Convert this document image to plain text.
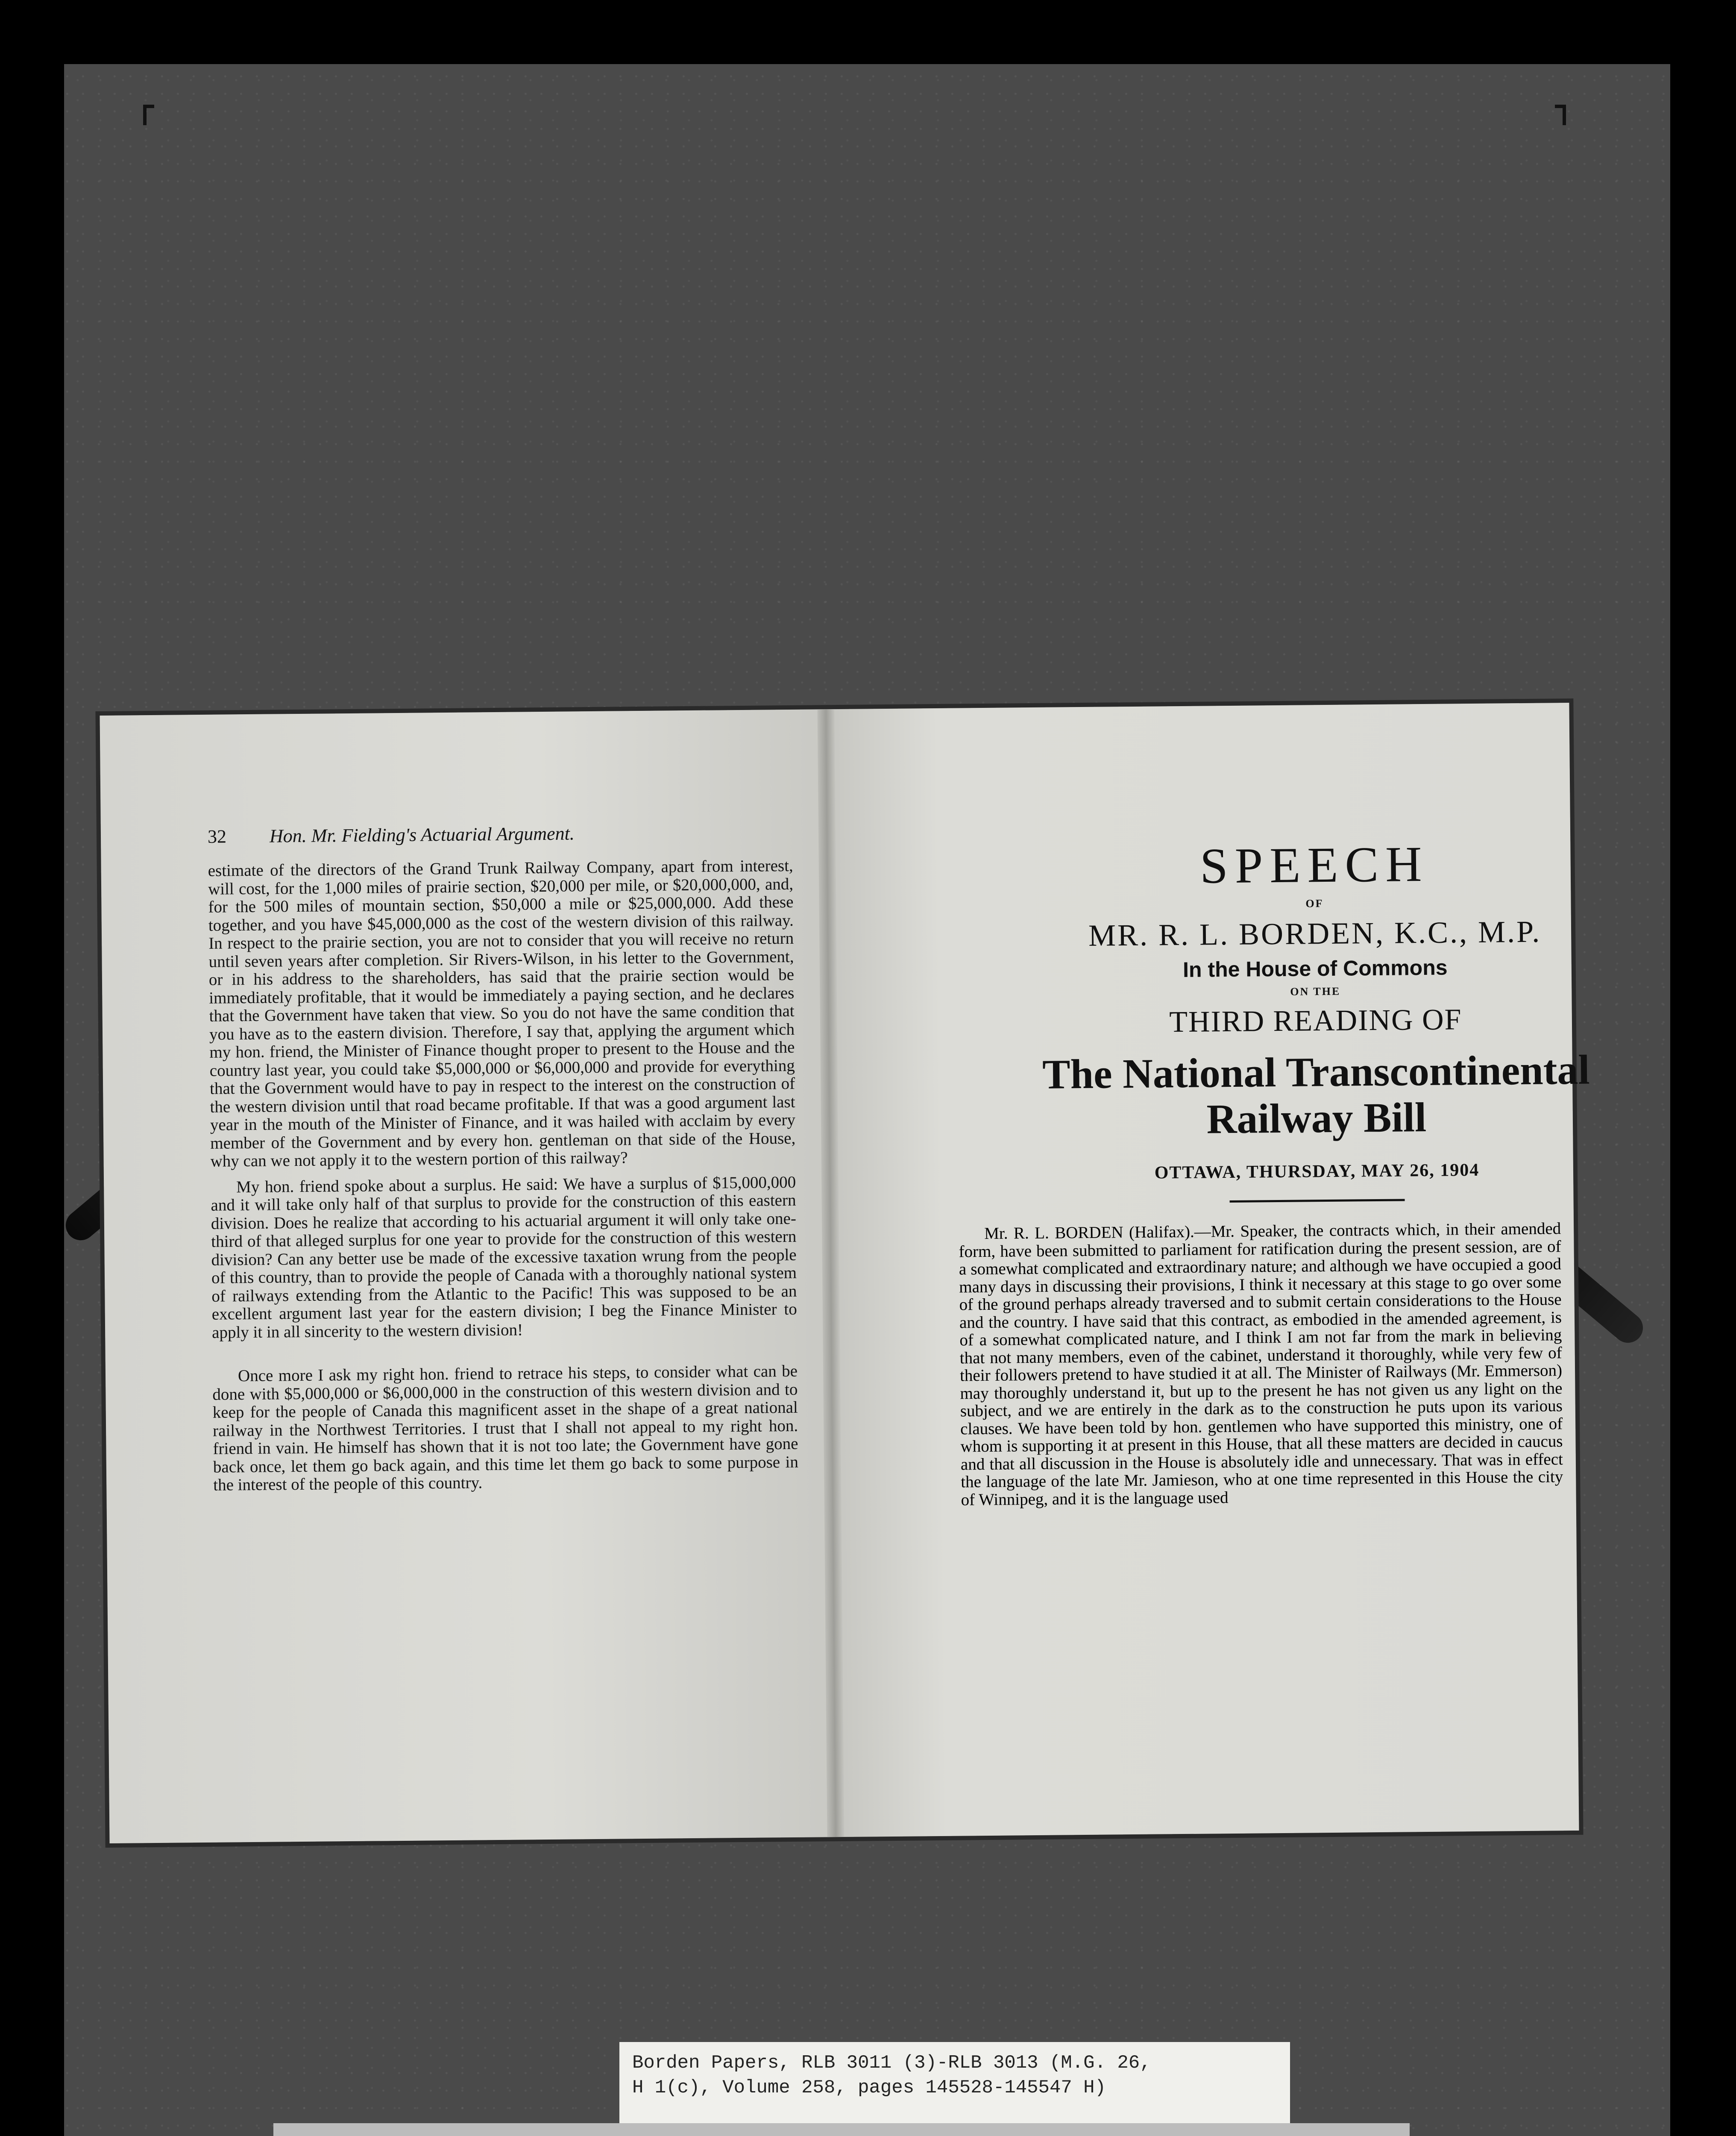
32 Hon. Mr. Fielding's Actuarial Argument.

estimate of the directors of the Grand Trunk Railway Company, apart from interest, will cost, for the 1,000 miles of prairie section, $20,000 per mile, or $20,000,000, and, for the 500 miles of mountain section, $50,000 a mile or $25,000,000. Add these together, and you have $45,000,000 as the cost of the western division of this railway. In respect to the prairie section, you are not to consider that you will receive no return until seven years after completion. Sir Rivers-Wilson, in his letter to the Government, or in his address to the shareholders, has said that the prairie section would be immediately profitable, that it would be immediately a paying section, and he declares that the Government have taken that view. So you do not have the same condition that you have as to the eastern division. Therefore, I say that, applying the argument which my hon. friend, the Minister of Finance thought proper to present to the House and the country last year, you could take $5,000,000 or $6,000,000 and provide for everything that the Government would have to pay in respect to the interest on the construction of the western division until that road became profitable. If that was a good argument last year in the mouth of the Minister of Finance, and it was hailed with acclaim by every member of the Government and by every hon. gentleman on that side of the House, why can we not apply it to the western portion of this railway?

My hon. friend spoke about a surplus. He said: We have a surplus of $15,000,000 and it will take only half of that surplus to provide for the construction of this eastern division. Does he realize that according to his actuarial argument it will only take one-third of that alleged surplus for one year to provide for the construction of this western division? Can any better use be made of the excessive taxation wrung from the people of this country, than to provide the people of Canada with a thoroughly national system of railways extending from the Atlantic to the Pacific! This was supposed to be an excellent argument last year for the eastern division; I beg the Finance Minister to apply it in all sincerity to the western division!

Once more I ask my right hon. friend to retrace his steps, to consider what can be done with $5,000,000 or $6,000,000 in the construction of this western division and to keep for the people of Canada this magnificent asset in the shape of a great national railway in the Northwest Territories. I trust that I shall not appeal to my right hon. friend in vain. He himself has shown that it is not too late; the Government have gone back once, let them go back again, and this time let them go back to some purpose in the interest of the people of this country.

SPEECH
OF
MR. R. L. BORDEN, K.C., M.P.
In the House of Commons
ON THE
THIRD READING OF
The National Transcontinental
Railway Bill
OTTAWA, THURSDAY, MAY 26, 1904

Mr. R. L. BORDEN (Halifax).—Mr. Speaker, the contracts which, in their amended form, have been submitted to parliament for ratification during the present session, are of a somewhat complicated and extraordinary nature; and although we have occupied a good many days in discussing their provisions, I think it necessary at this stage to go over some of the ground perhaps already traversed and to submit certain considerations to the House and the country. I have said that this contract, as embodied in the amended agreement, is of a somewhat complicated nature, and I think I am not far from the mark in believing that not many members, even of the cabinet, understand it thoroughly, while very few of their followers pretend to have studied it at all. The Minister of Railways (Mr. Emmerson) may thoroughly understand it, but up to the present he has not given us any light on the subject, and we are entirely in the dark as to the construction he puts upon its various clauses. We have been told by hon. gentlemen who have supported this ministry, one of whom is supporting it at present in this House, that all these matters are decided in caucus and that all discussion in the House is absolutely idle and unnecessary. That was in effect the language of the late Mr. Jamieson, who at one time represented in this House the city of Winnipeg, and it is the language used

Borden Papers, RLB 3011 (3)-RLB 3013 (M.G. 26,
H 1(c), Volume 258, pages 145528-145547 H)
